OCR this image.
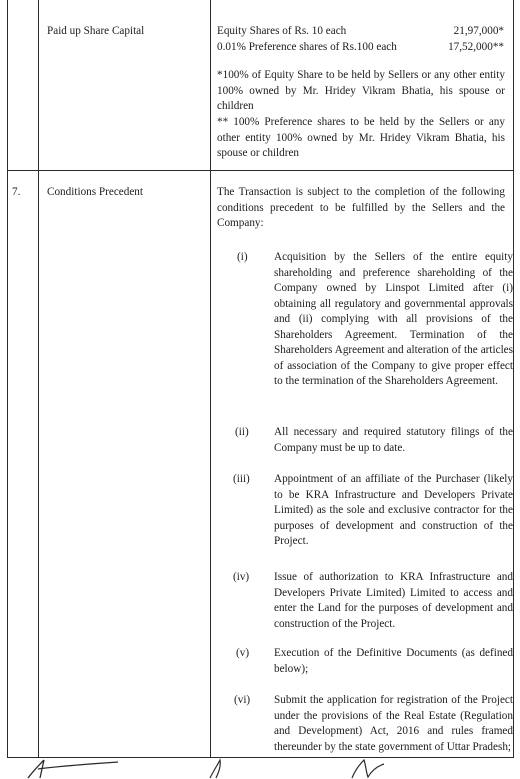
Paid up Share Capital	Equity Shares of Rs. 10 each	21,97,000*
0.01% Preference shares of Rs.100 each	17,52,000**
*100% of Equity Share to be held by Sellers or any other entity 100% owned by Mr. Hridey Vikram Bhatia, his spouse or children
** 100% Preference shares to be held by the Sellers or any other entity 100% owned by Mr. Hridey Vikram Bhatia, his spouse or children
7.	Conditions Precedent	The Transaction is subject to the completion of the following conditions precedent to be fulfilled by the Sellers and the Company:
(i)	Acquisition by the Sellers of the entire equity shareholding and preference shareholding of the Company owned by Linspot Limited after (i) obtaining all regulatory and governmental approvals and (ii) complying with all provisions of the Shareholders Agreement. Termination of the Shareholders Agreement and alteration of the articles of association of the Company to give proper effect to the termination of the Shareholders Agreement.
(ii)	All necessary and required statutory filings of the Company must be up to date.
(iii)	Appointment of an affiliate of the Purchaser (likely to be KRA Infrastructure and Developers Private Limited) as the sole and exclusive contractor for the purposes of development and construction of the Project.
(iv)	Issue of authorization to KRA Infrastructure and Developers Private Limited) Limited to access and enter the Land for the purposes of development and construction of the Project.
(v)	Execution of the Definitive Documents (as defined below);
(vi)	Submit the application for registration of the Project under the provisions of the Real Estate (Regulation and Development) Act, 2016 and rules framed thereunder by the state government of Uttar Pradesh;
